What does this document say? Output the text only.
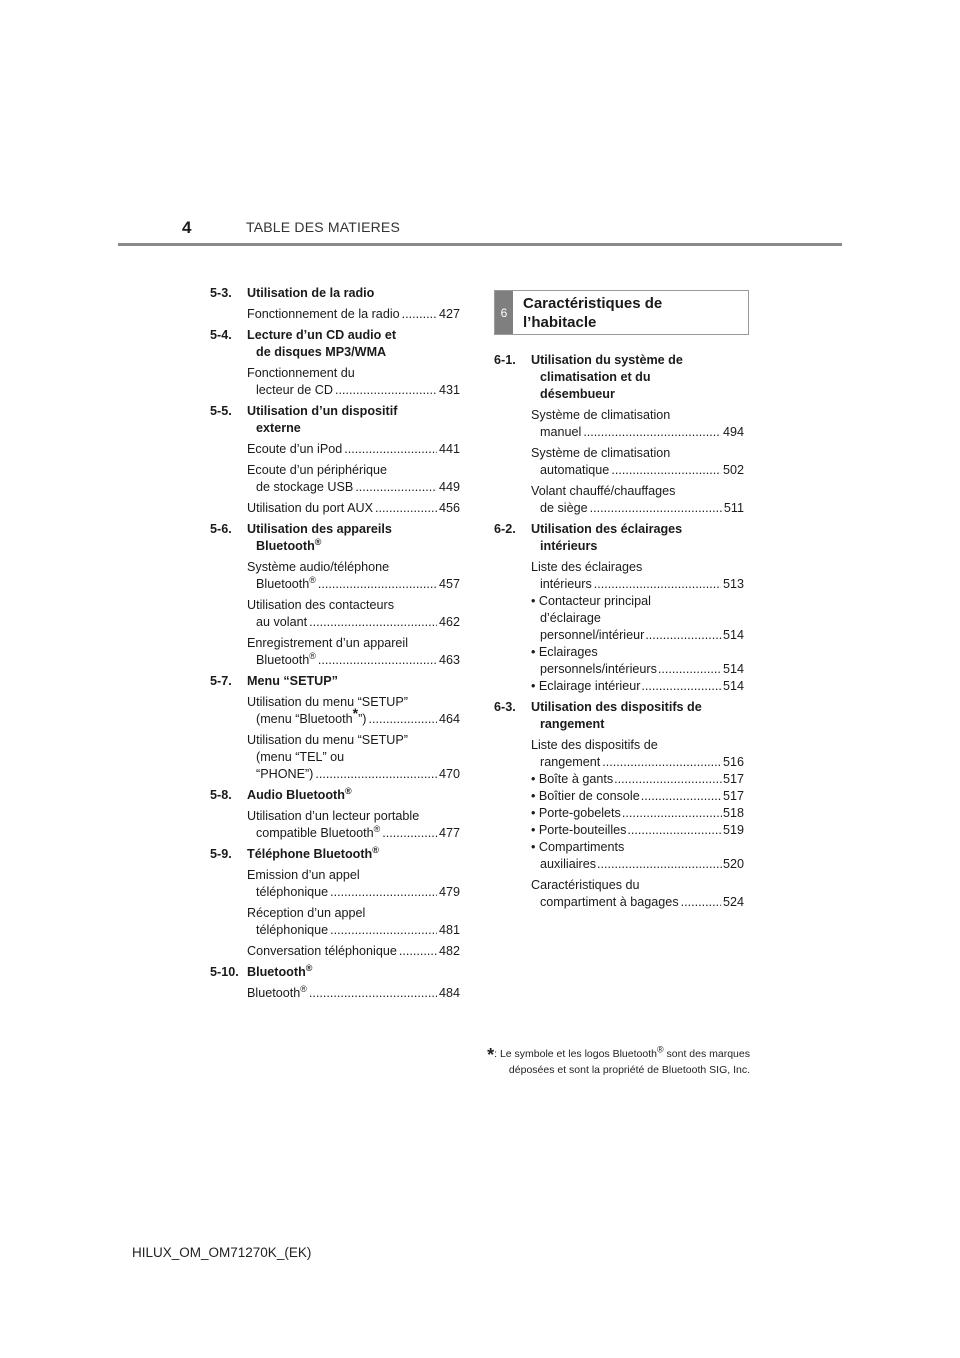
4	TABLE DES MATIERES
5-3. Utilisation de la radio
Fonctionnement de la radio .....	427
5-4. Lecture d’un CD audio et
de disques MP3/WMA
Fonctionnement du
lecteur de CD .....	431
5-5. Utilisation d’un dispositif
externe
Ecoute d’un iPod .....	441
Ecoute d’un périphérique
de stockage USB .....	449
Utilisation du port AUX .....	456
5-6. Utilisation des appareils
Bluetooth®
Système audio/téléphone
Bluetooth® .....	457
Utilisation des contacteurs
au volant .....	462
Enregistrement d’un appareil
Bluetooth® .....	463
5-7. Menu “SETUP”
Utilisation du menu “SETUP”
(menu “Bluetooth*”) .....	464
Utilisation du menu “SETUP”
(menu “TEL” ou
“PHONE”) .....	470
5-8. Audio Bluetooth®
Utilisation d’un lecteur portable
compatible Bluetooth® .....	477
5-9. Téléphone Bluetooth®
Emission d’un appel
téléphonique .....	479
Réception d’un appel
téléphonique .....	481
Conversation téléphonique .....	482
5-10. Bluetooth®
Bluetooth® .....	484
6
Caractéristiques de
l’habitacle
6-1. Utilisation du système de
climatisation et du
désembueur
Système de climatisation
manuel .....	494
Système de climatisation
automatique .....	502
Volant chauffé/chauffages
de siège .....	511
6-2. Utilisation des éclairages
intérieurs
Liste des éclairages
intérieurs .....	513
• Contacteur principal
d’éclairage
personnel/intérieur .....	514
• Eclairages
personnels/intérieurs .....	514
• Eclairage intérieur .....	514
6-3. Utilisation des dispositifs de
rangement
Liste des dispositifs de
rangement .....	516
• Boîte à gants .....	517
• Boîtier de console .....	517
• Porte-gobelets .....	518
• Porte-bouteilles .....	519
• Compartiments
auxiliaires .....	520
Caractéristiques du
compartiment à bagages .....	524
*: Le symbole et les logos Bluetooth® sont des marques
déposées et sont la propriété de Bluetooth SIG, Inc.
HILUX_OM_OM71270K_(EK)
